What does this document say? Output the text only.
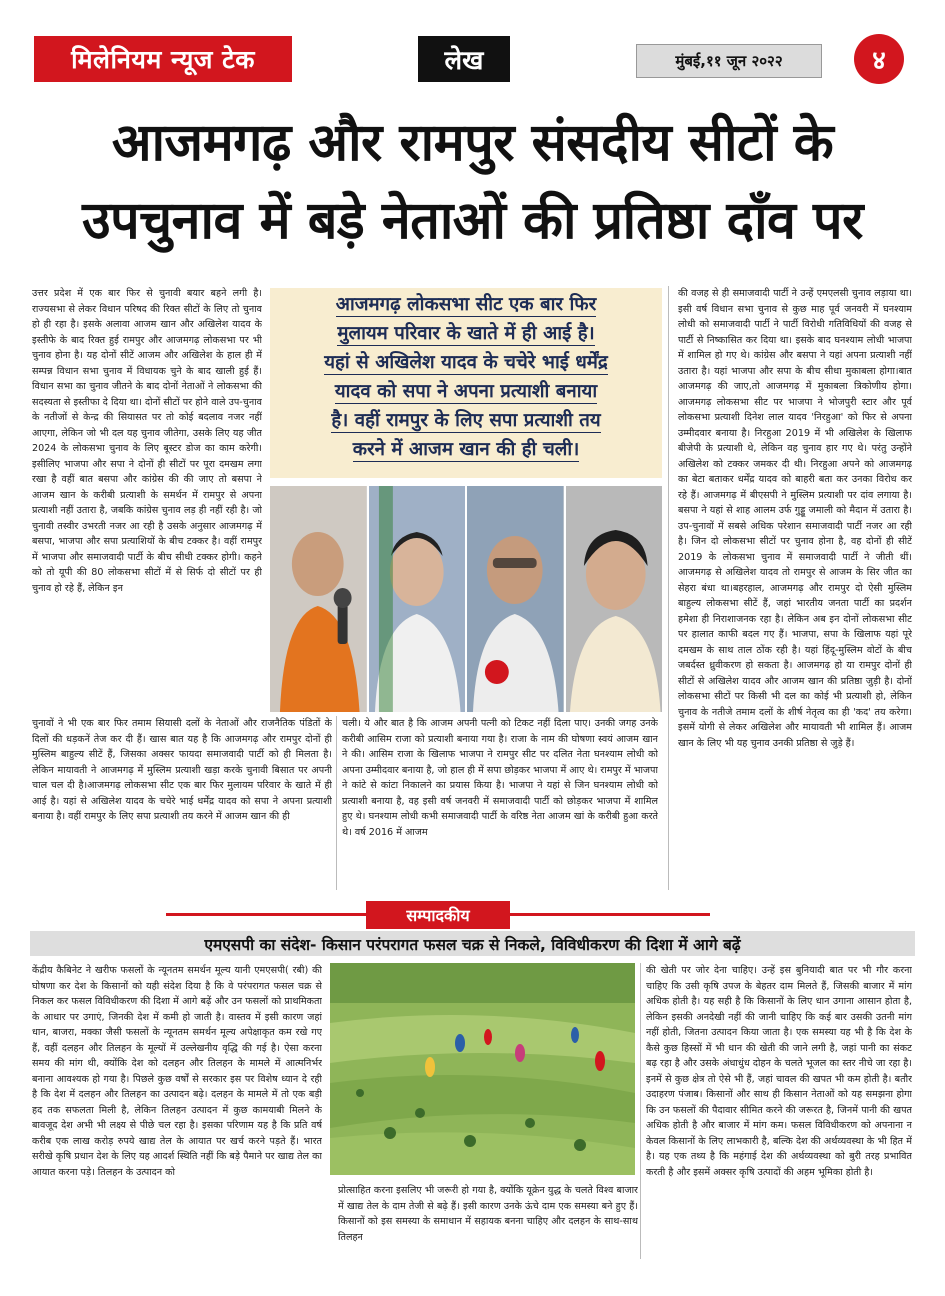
मिलेनियम न्यूज टेक	लेख	मुंबई,११ जून २०२२	४
आजमगढ़ और रामपुर संसदीय सीटों के
उपचुनाव में बड़े नेताओं की प्रतिष्ठा दाँव पर

उत्तर प्रदेश में एक बार फिर से चुनावी बयार बहने लगी है। राज्यसभा से लेकर विधान परिषद की रिक्त सीटों के लिए तो चुनाव हो ही रहा है। इसके अलावा आजम खान और अखिलेश यादव के इस्तीफे के बाद रिक्त हुई रामपुर और आजमगढ़ लोकसभा पर भी चुनाव होना है। यह दोनों सीटें आजम और अखिलेश के हाल ही में सम्पन्न विधान सभा चुनाव में विधायक चुने के बाद खाली हुई हैं। विधान सभा का चुनाव जीतने के बाद दोनों नेताओं ने लोकसभा की सदस्यता से इस्तीफा दे दिया था। दोनों सीटों पर होने वाले उप-चुनाव के नतीजों से केन्द्र की सियासत पर तो कोई बदलाव नजर नहीं आएगा, लेकिन जो भी दल यह चुनाव जीतेगा, उसके लिए यह जीत 2024 के लोकसभा चुनाव के लिए बूस्टर डोज का काम करेगी। इसीलिए भाजपा और सपा ने दोनों ही सीटों पर पूरा दमखम लगा रखा है वहीं बात बसपा और कांग्रेस की की जाए तो बसपा ने आजम खान के करीबी प्रत्याशी के समर्थन में रामपुर से अपना प्रत्याशी नहीं उतारा है, जबकि कांग्रेस चुनाव लड़ ही नहीं रही है। जो चुनावी तस्वीर उभरती नजर आ रही है उसके अनुसार आजमगढ़ में बसपा, भाजपा और सपा प्रत्याशियों के बीच टक्कर है। वहीं रामपुर में भाजपा और समाजवादी पार्टी के बीच सीधी टक्कर होगी। कहने को तो यूपी की 80 लोकसभा सीटों में से सिर्फ दो सीटों पर ही चुनाव हो रहे हैं, लेकिन इन

चुनावों ने भी एक बार फिर तमाम सियासी दलों के नेताओं और राजनैतिक पंडितों के दिलों की धड़कनें तेज कर दी हैं। खास बात यह है कि आजमगढ़ और रामपुर दोनों ही मुस्लिम बाहुल्य सीटें हैं, जिसका अक्सर फायदा समाजवादी पार्टी को ही मिलता है। लेकिन मायावती ने आजमगढ़ में मुस्लिम प्रत्याशी खड़ा करके चुनावी बिसात पर अपनी चाल चल दी है।आजमगढ़ लोकसभा सीट एक बार फिर मुलायम परिवार के खाते में ही आई है। यहां से अखिलेश यादव के चचेरे भाई धर्मेंद्र यादव को सपा ने अपना प्रत्याशी बनाया है। वहीं रामपुर के लिए सपा प्रत्याशी तय करने में आजम खान की ही

चली। ये और बात है कि आजम अपनी पत्नी को टिकट नहीं दिला पाए। उनकी जगह उनके करीबी आसिम राजा को प्रत्याशी बनाया गया है। राजा के नाम की घोषणा स्वयं आजम खान ने की। आसिम राजा के खिलाफ भाजपा ने रामपुर सीट पर दलित नेता घनश्याम लोधी को अपना उम्मीदवार बनाया है, जो हाल ही में सपा छोड़कर भाजपा में आए थे। रामपुर में भाजपा ने कांटे से कांटा निकालने का प्रयास किया है। भाजपा ने यहां से जिन घनश्याम लोधी को प्रत्याशी बनाया है, वह इसी वर्ष जनवरी में समाजवादी पार्टी को छोड़कर भाजपा में शामिल हुए थे। घनश्याम लोधी कभी समाजवादी पार्टी के वरिष्ठ नेता आजम खां के करीबी हुआ करते थे। वर्ष 2016 में आजम

की वजह से ही समाजवादी पार्टी ने उन्हें एमएलसी चुनाव लड़ाया था। इसी वर्ष विधान सभा चुनाव से कुछ माह पूर्व जनवरी में घनश्याम लोधी को समाजवादी पार्टी ने पार्टी विरोधी गतिविधियों की वजह से पार्टी से निष्कासित कर दिया था। इसके बाद घनश्याम लोधी भाजपा में शामिल हो गए थे। कांग्रेस और बसपा ने यहां अपना प्रत्याशी नहीं उतारा है। यहां भाजपा और सपा के बीच सीधा मुकाबला होगा।बात आजमगढ़ की जाए,तो आजमगढ़ में मुकाबला त्रिकोणीय होगा। आजमगढ़ लोकसभा सीट पर भाजपा ने भोजपुरी स्टार और पूर्व लोकसभा प्रत्याशी दिनेश लाल यादव 'निरहुआ' को फिर से अपना उम्मीदवार बनाया है। निरहुआ 2019 में भी अखिलेश के खिलाफ बीजेपी के प्रत्याशी थे, लेकिन वह चुनाव हार गए थे। परंतु उन्होंने अखिलेश को टक्कर जमकर दी थी। निरहुआ अपने को आजमगढ़ का बेटा बताकर धर्मेंद्र यादव को बाहरी बता कर उनका विरोध कर रहे हैं। आजमगढ़ में बीएसपी ने मुस्लिम प्रत्याशी पर दांव लगाया है। बसपा ने यहां से शाह आलम उर्फ गुड्डू जमाली को मैदान में उतारा है। उप-चुनावों में सबसे अधिक परेशान समाजवादी पार्टी नजर आ रही है। जिन दो लोकसभा सीटों पर चुनाव होना है, वह दोनों ही सीटें 2019 के लोकसभा चुनाव में समाजवादी पार्टी ने जीती थीं। आजमगढ़ से अखिलेश यादव तो रामपुर से आजम के सिर जीत का सेहरा बंधा था।बहरहाल, आजमगढ़ और रामपुर दो ऐसी मुस्लिम बाहुल्य लोकसभा सीटें हैं, जहां भारतीय जनता पार्टी का प्रदर्शन हमेशा ही निराशाजनक रहा है। लेकिन अब इन दोनों लोकसभा सीट पर हालात काफी बदल गए हैं। भाजपा, सपा के खिलाफ यहां पूरे दमखम के साथ ताल ठोंक रही है। यहां हिंदू-मुस्लिम वोटों के बीच जबर्दस्त ध्रुवीकरण हो सकता है। आजमगढ़ हो या रामपुर दोनों ही सीटों से अखिलेश यादव और आजम खान की प्रतिष्ठा जुड़ी है। दोनों लोकसभा सीटों पर किसी भी दल का कोई भी प्रत्याशी हो, लेकिन चुनाव के नतीजे तमाम दलों के शीर्ष नेतृत्व का ही 'कद' तय करेगा। इसमें योगी से लेकर अखिलेश और मायावती भी शामिल हैं। आजम खान के लिए भी यह चुनाव उनकी प्रतिष्ठा से जुड़े हैं।

आजमगढ़ लोकसभा सीट एक बार फिर
मुलायम परिवार के खाते में ही आई है।
यहां से अखिलेश यादव के चचेरे भाई धर्मेंद्र
यादव को सपा ने अपना प्रत्याशी बनाया
है। वहीं रामपुर के लिए सपा प्रत्याशी तय
करने में आजम खान की ही चली।
सम्पादकीय
एमएसपी का संदेश- किसान परंपरागत फसल चक्र से निकले, विविधीकरण की दिशा में आगे बढ़ें

केंद्रीय कैबिनेट ने खरीफ फसलों के न्यूनतम समर्थन मूल्य यानी एमएसपी( रबी) की घोषणा कर देश के किसानों को यही संदेश दिया है कि वे परंपरागत फसल चक्र से निकल कर फसल विविधीकरण की दिशा में आगे बढ़ें और उन फसलों को प्राथमिकता के आधार पर उगाएं, जिनकी देश में कमी हो जाती है। वास्तव में इसी कारण जहां धान, बाजरा, मक्का जैसी फसलों के न्यूनतम समर्थन मूल्य अपेक्षाकृत कम रखे गए हैं, वहीं दलहन और तिलहन के मूल्यों में उल्लेखनीय वृद्धि की गई है। ऐसा करना समय की मांग थी, क्योंकि देश को दलहन और तिलहन के मामले में आत्मनिर्भर बनाना आवश्यक हो गया है। पिछले कुछ वर्षों से सरकार इस पर विशेष ध्यान दे रही है कि देश में दलहन और तिलहन का उत्पादन बढ़े। दलहन के मामले में तो एक बड़ी हद तक सफलता मिली है, लेकिन तिलहन उत्पादन में कुछ कामयाबी मिलने के बावजूद देश अभी भी लक्ष्य से पीछे चल रहा है। इसका परिणाम यह है कि प्रति वर्ष करीब एक लाख करोड़ रुपये खाद्य तेल के आयात पर खर्च करने पड़ते हैं। भारत सरीखे कृषि प्रधान देश के लिए यह आदर्श स्थिति नहीं कि बड़े पैमाने पर खाद्य तेल का आयात करना पड़े। तिलहन के उत्पादन को

प्रोत्साहित करना इसलिए भी जरूरी हो गया है, क्योंकि यूक्रेन युद्ध के चलते विश्व बाजार में खाद्य तेल के दाम तेजी से बढ़े हैं। इसी कारण उनके ऊंचे दाम एक समस्या बने हुए हैं। किसानों को इस समस्या के समाधान में सहायक बनना चाहिए और दलहन के साथ-साथ तिलहन

की खेती पर जोर देना चाहिए। उन्हें इस बुनियादी बात पर भी गौर करना चाहिए कि उसी कृषि उपज के बेहतर दाम मिलते हैं, जिसकी बाजार में मांग अधिक होती है। यह सही है कि किसानों के लिए धान उगाना आसान होता है, लेकिन इसकी अनदेखी नहीं की जानी चाहिए कि कई बार उसकी उतनी मांग नहीं होती, जितना उत्पादन किया जाता है। एक समस्या यह भी है कि देश के कैसे कुछ हिस्सों में भी धान की खेती की जाने लगी है, जहां पानी का संकट बढ़ रहा है और उसके अंधाधुंध दोहन के चलते भूजल का स्तर नीचे जा रहा है। इनमें से कुछ क्षेत्र तो ऐसे भी हैं, जहां चावल की खपत भी कम होती है। बतौर उदाहरण पंजाब। किसानों और साथ ही किसान नेताओं को यह समझना होगा कि उन फसलों की पैदावार सीमित करने की जरूरत है, जिनमें पानी की खपत अधिक होती है और बाजार में मांग कम। फसल विविधीकरण को अपनाना न केवल किसानों के लिए लाभकारी है, बल्कि देश की अर्थव्यवस्था के भी हित में है। यह एक तथ्य है कि महंगाई देश की अर्थव्यवस्था को बुरी तरह प्रभावित करती है और इसमें अक्सर कृषि उत्पादों की अहम भूमिका होती है।
